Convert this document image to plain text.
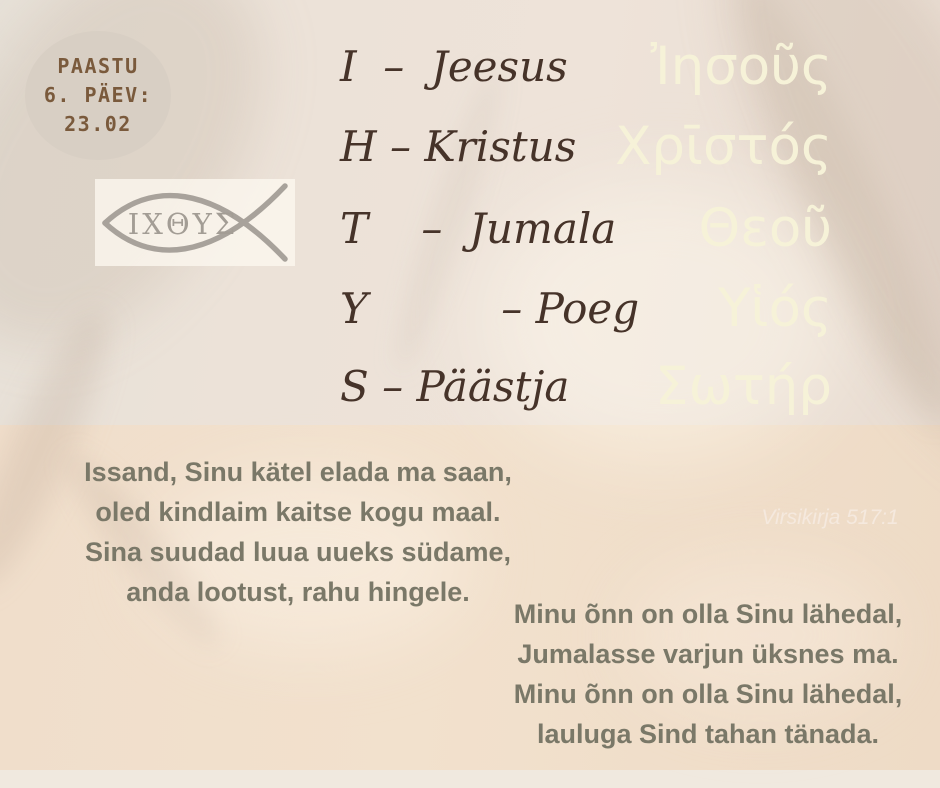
PAASTU
6. PÄEV:
23.02
ΙΧΘΥΣ
I  –  Jeesus Ἰησοῦς
H – Kristus Χρῑστός
T    –  Jumala Θεοῦ
Y          – Poeg Υἱός
S – Päästja Σωτήρ
Issand, Sinu kätel elada ma saan,
oled kindlaim kaitse kogu maal.
Sina suudad luua uueks südame,
anda lootust, rahu hingele.
Virsikirja 517:1
Minu õnn on olla Sinu lähedal,
Jumalasse varjun üksnes ma.
Minu õnn on olla Sinu lähedal,
lauluga Sind tahan tänada.
